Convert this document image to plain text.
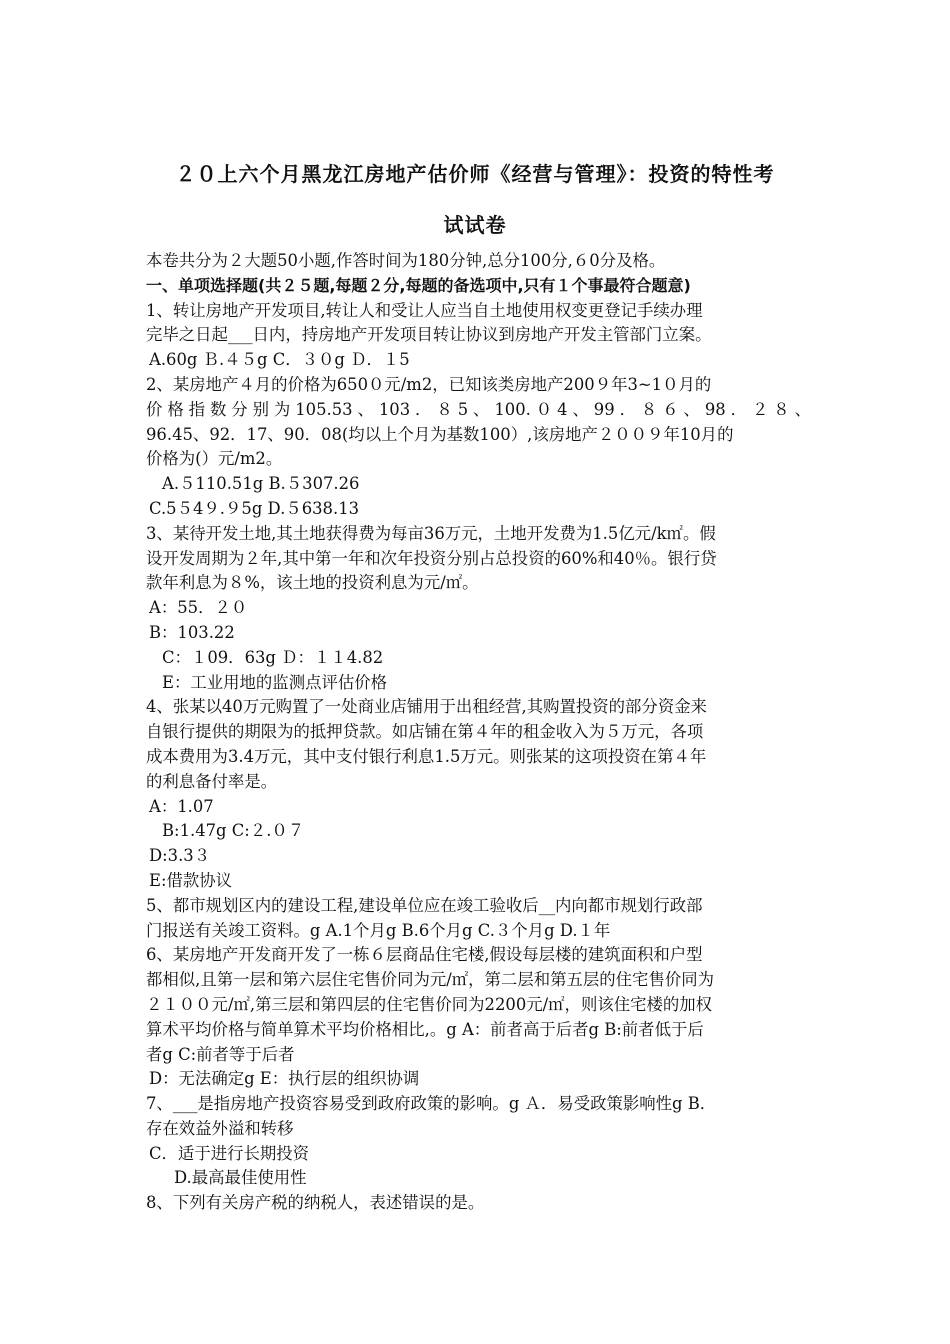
２０上六个月黑龙江房地产估价师《经营与管理》：投资的特性考
试试卷
本卷共分为２大题50小题,作答时间为180分钟,总分100分,６0分及格。
一、单项选择题(共２５题,每题２分,每题的备选项中,只有１个事最符合题意)
1、转让房地产开发项目,转让人和受让人应当自土地使用权变更登记手续办理
完毕之日起___日内，持房地产开发项目转让协议到房地产开发主管部门立案。
A.60g Ｂ.４５g C．３０g Ｄ．１5
2、某房地产４月的价格为650０元/m2，已知该类房地产200９年3~1０月的
价格指数分别为105.53、103．８5、100.０4、99．８６、98．２８、
96.45、92．17、90．08(均以上个月为基数100）,该房地产２００９年10月的
价格为(）元/m2。
A.５110.51g B.５307.26
C.5５4９.９5g D.５638.13
3、某待开发土地,其土地获得费为每亩36万元，土地开发费为1.5亿元/k㎡。假
设开发周期为２年,其中第一年和次年投资分别占总投资的60%和40％。银行贷
款年利息为８%，该土地的投资利息为元/㎡。
A：55．２０
B：103.22
C：１09．63g Ｄ：１１4.82
E：工业用地的监测点评估价格
4、张某以40万元购置了一处商业店铺用于出租经营,其购置投资的部分资金来
自银行提供的期限为的抵押贷款。如店铺在第４年的租金收入为５万元，各项
成本费用为3.4万元，其中支付银行利息1.5万元。则张某的这项投资在第４年
的利息备付率是。
A：1.07
B:1.47g C:２.０７
D:3.3３
E:借款协议
5、都市规划区内的建设工程,建设单位应在竣工验收后__内向都市规划行政部
门报送有关竣工资料。g A.1个月g B.6个月g C.３个月g D.１年
6、某房地产开发商开发了一栋６层商品住宅楼,假设每层楼的建筑面积和户型
都相似,且第一层和第六层住宅售价同为元/㎡，第二层和第五层的住宅售价同为
２１００元/㎡,第三层和第四层的住宅售价同为2200元/㎡，则该住宅楼的加权
算术平均价格与简单算术平均价格相比,。g A：前者高于后者g B:前者低于后
者g C:前者等于后者
D：无法确定g E：执行层的组织协调
7、___是指房地产投资容易受到政府政策的影响。g Ａ．易受政策影响性g B．
存在效益外溢和转移
C．适于进行长期投资
D.最高最佳使用性
8、下列有关房产税的纳税人，表述错误的是。
